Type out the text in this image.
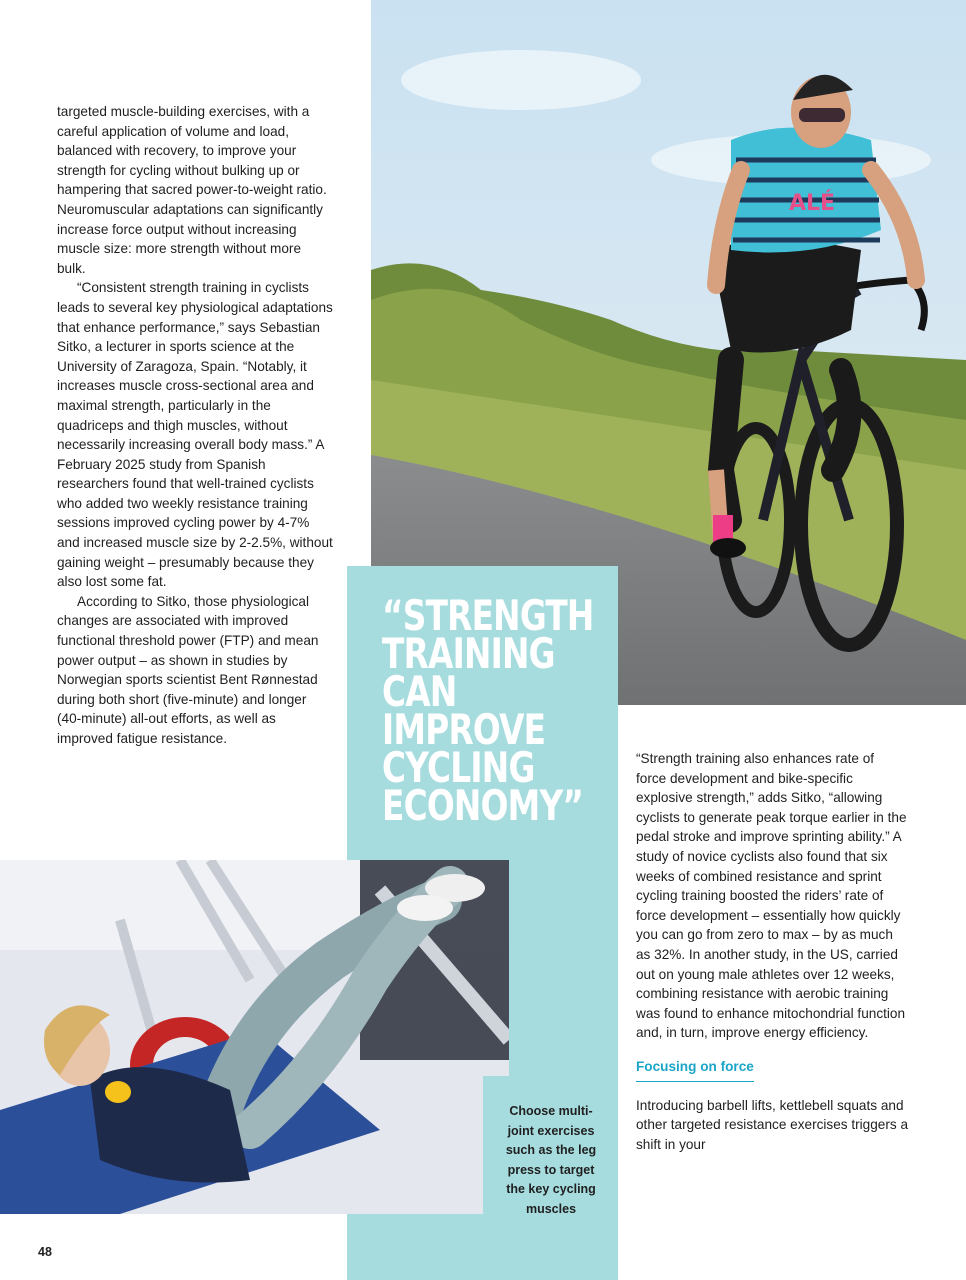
ALÉ

targeted muscle-building exercises, with a careful application of volume and load, balanced with recovery, to improve your strength for cycling without bulking up or hampering that sacred power-to-weight ratio. Neuromuscular adaptations can significantly increase force output without increasing muscle size: more strength without more bulk.

“Consistent strength training in cyclists leads to several key physiological adaptations that enhance performance,” says Sebastian Sitko, a lecturer in sports science at the University of Zaragoza, Spain. “Notably, it increases muscle cross-sectional area and maximal strength, particularly in the quadriceps and thigh muscles, without necessarily increasing overall body mass.” A February 2025 study from Spanish researchers found that well-trained cyclists who added two weekly resistance training sessions improved cycling power by 4-7% and increased muscle size by 2-2.5%, without gaining weight – presumably because they also lost some fat.

According to Sitko, those physiological changes are associated with improved functional threshold power (FTP) and mean power output – as shown in studies by Norwegian sports scientist Bent Rønnestad during both short (five-minute) and longer (40-minute) all-out efforts, as well as improved fatigue resistance.

“STRENGTH
TRAINING
CAN
IMPROVE
CYCLING
ECONOMY”
Choose multi-joint exercises such as the leg press to target the key cycling muscles

“Strength training also enhances rate of force development and bike-specific explosive strength,” adds Sitko, “allowing cyclists to generate peak torque earlier in the pedal stroke and improve sprinting ability.” A study of novice cyclists also found that six weeks of combined resistance and sprint cycling training boosted the riders’ rate of force development – essentially how quickly you can go from zero to max – by as much as 32%. In another study, in the US, carried out on young male athletes over 12 weeks, combining resistance with aerobic training was found to enhance mitochondrial function and, in turn, improve energy efficiency.

Focusing on force

Introducing barbell lifts, kettlebell squats and other targeted resistance exercises triggers a shift in your

48
